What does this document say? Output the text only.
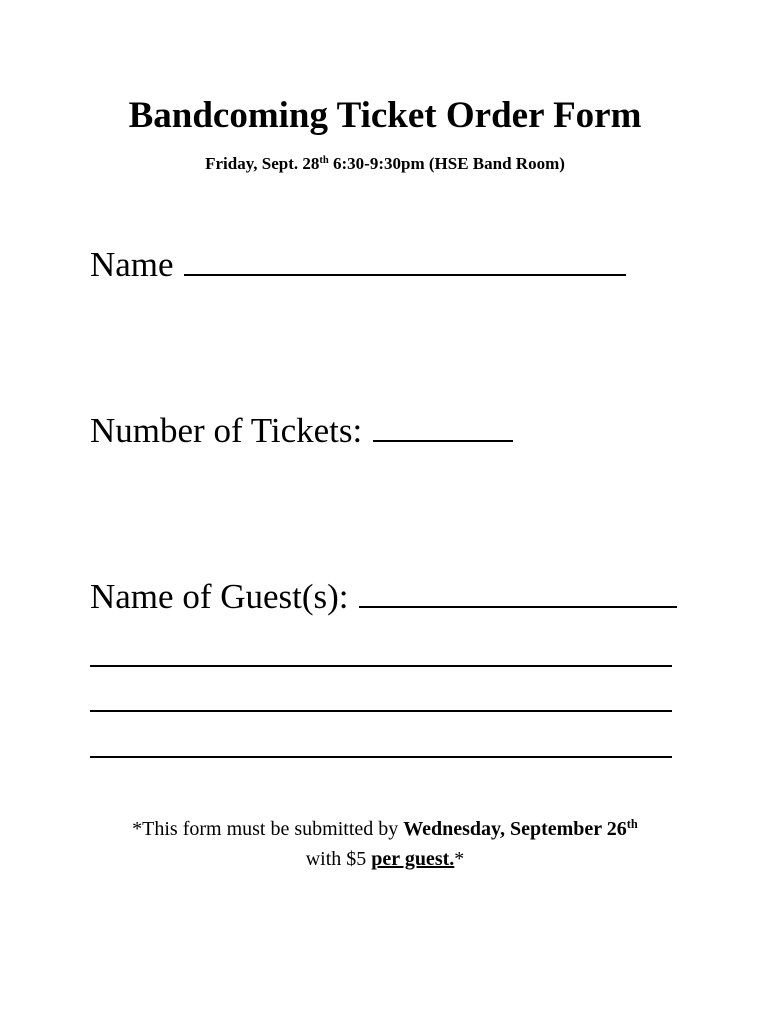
Bandcoming Ticket Order Form
Friday, Sept. 28th 6:30-9:30pm (HSE Band Room)
Name
Number of Tickets:
Name of Guest(s):
*This form must be submitted by Wednesday, September 26th
with $5 per guest.*
